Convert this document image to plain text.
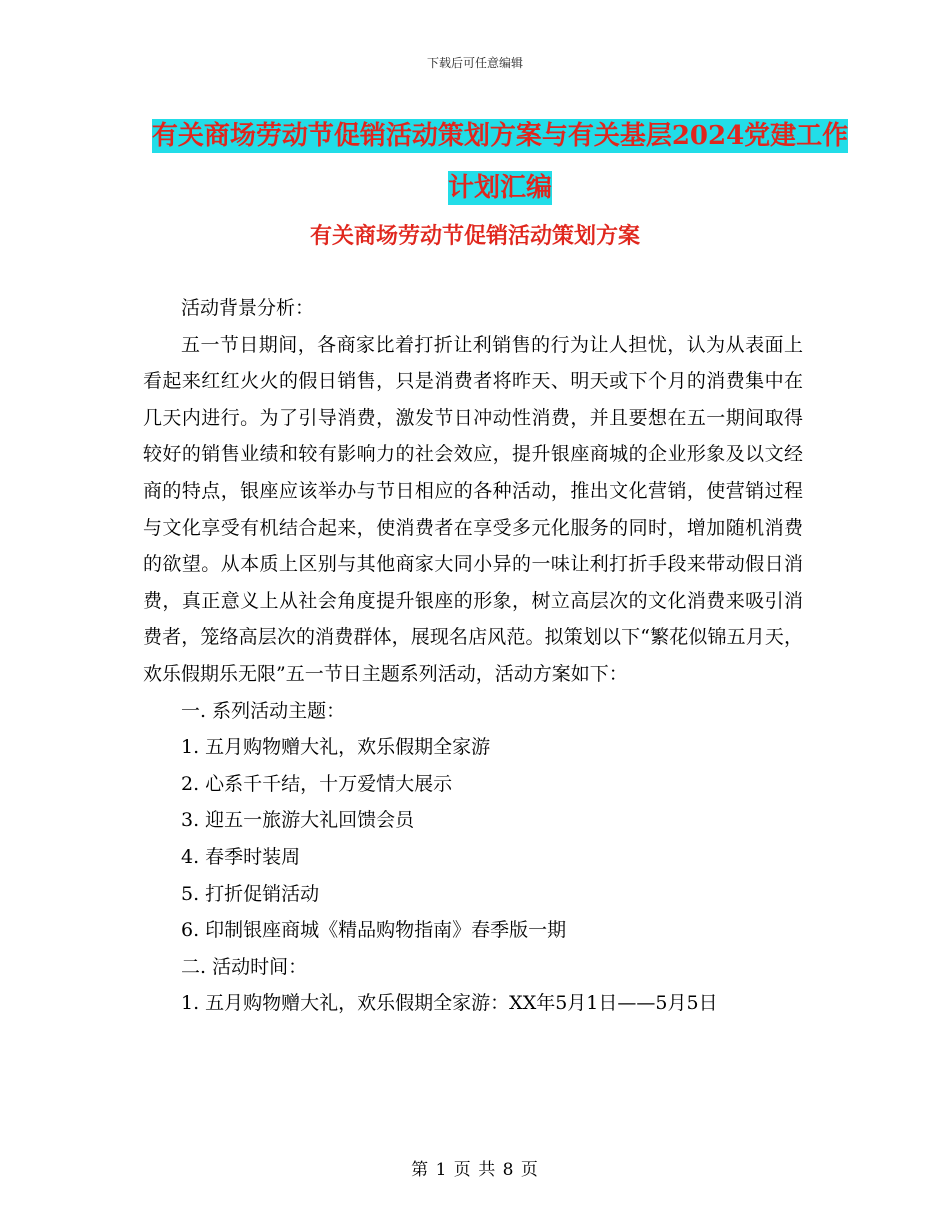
下载后可任意编辑
有关商场劳动节促销活动策划方案与有关基层2024党建工作计划汇编
有关商场劳动节促销活动策划方案
活动背景分析：

五一节日期间，各商家比着打折让利销售的行为让人担忧，认为从表面上看起来红红火火的假日销售，只是消费者将昨天、明天或下个月的消费集中在几天内进行。为了引导消费，激发节日冲动性消费，并且要想在五一期间取得较好的销售业绩和较有影响力的社会效应，提升银座商城的企业形象及以文经商的特点，银座应该举办与节日相应的各种活动，推出文化营销，使营销过程与文化享受有机结合起来，使消费者在享受多元化服务的同时，增加随机消费的欲望。从本质上区别与其他商家大同小异的一味让利打折手段来带动假日消费，真正意义上从社会角度提升银座的形象，树立高层次的文化消费来吸引消费者，笼络高层次的消费群体，展现名店风范。拟策划以下“繁花似锦五月天，欢乐假期乐无限”五一节日主题系列活动，活动方案如下：

一. 系列活动主题：
1. 五月购物赠大礼，欢乐假期全家游
2. 心系千千结，十万爱情大展示
3. 迎五一旅游大礼回馈会员
4. 春季时装周
5. 打折促销活动
6. 印制银座商城《精品购物指南》春季版一期
二. 活动时间：

1. 五月购物赠大礼，欢乐假期全家游：XX年5月1日——5月5日

第 1 页 共 8 页
